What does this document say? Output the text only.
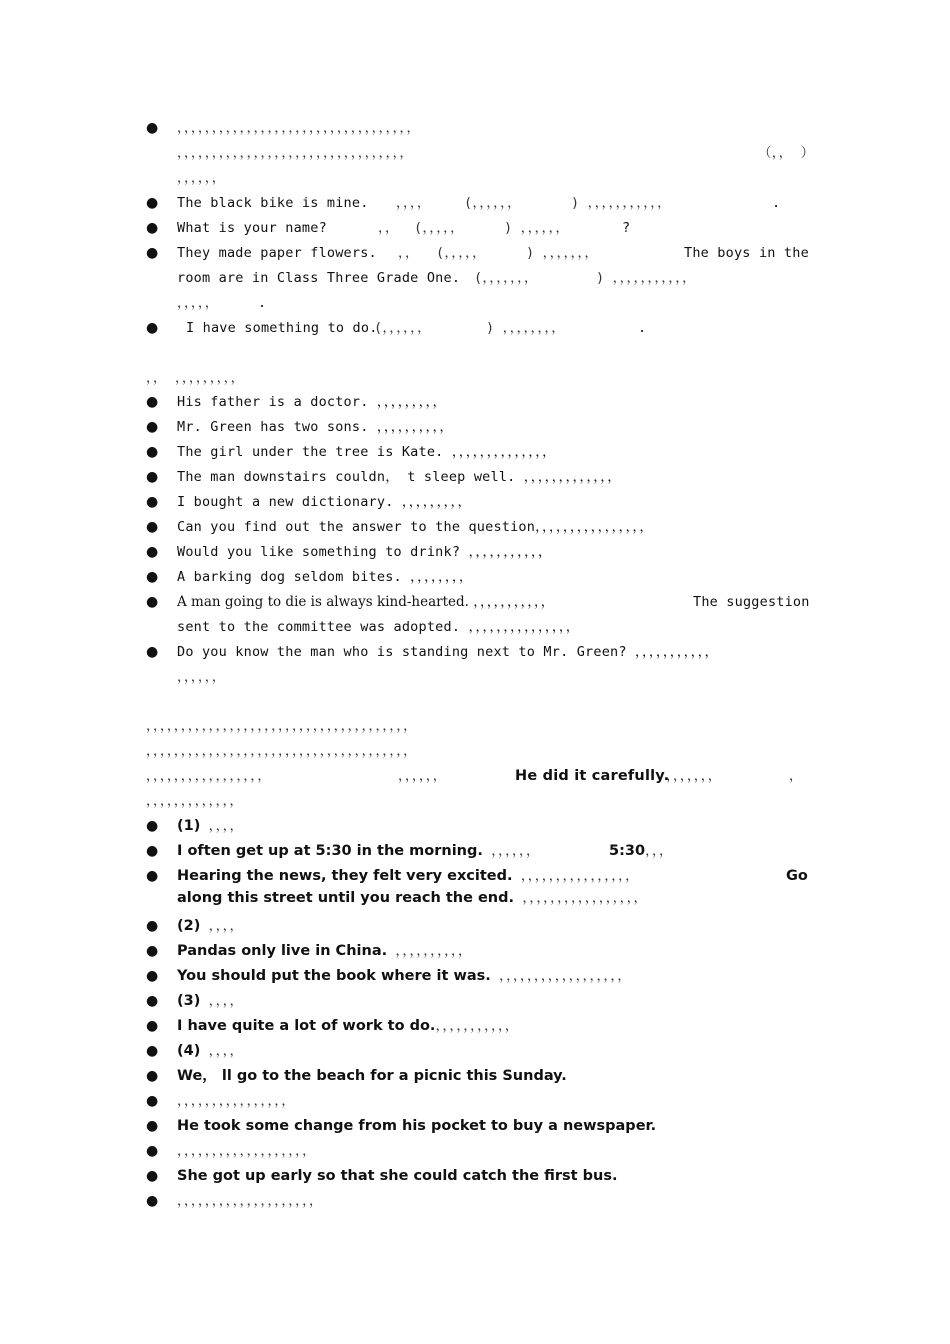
● ，，，，，，，，，，，，，，，，，，，，，，，，，，，，，，，，，，
，，，，，，，，，，，，，，，，，，，，，，，，，，，，，，，，，	（，， ）
，，，，，，
● The black bike is mine. ，，，， (，，，，，，	) ，，，，，，，，，，，	.
● What is your name?	，， (，，，，，	) ，，，，，，	?
● They made paper flowers. ，， (，，，，，	) ，，，，，，，	The boys in the
room are in Class Three Grade One. (，，，，，，，	) ，，，，，，，，，，，
，，，，，	.
● I have something to do.
(，，，，，，	) ，，，，，，，，	.
，， ，，，，，，，，，
● His father is a doctor. ，，，，，，，，，
● Mr. Green has two sons. ，，，，，，，，，，
● The girl under the tree is Kate. ，，，，，，，，，，，，，，
● The man downstairs couldn， t sleep well. ，，，，，，，，，，，，，
● I bought a new dictionary. ，，，，，，，，，
● Can you find out the answer to the question，，，，，，，，，，，，，，，，
● Would you like something to drink? ，，，，，，，，，，，
● A barking dog seldom bites. ，，，，，，，，
● A man going to die is always kind-hearted. ，，，，，，，，，，，	The suggestion
sent to the committee was adopted. ，，，，，，，，，，，，，，，
● Do you know the man who is standing next to Mr. Green? ，，，，，，，，，，，
，，，，，，
，，，，，，，，，，，，，，，，，，，，，，，，，，，，，，，，，，，，，，
，，，，，，，，，，，，，，，，，，，，，，，，，，，，，，，，，，，，，，
，，，，，，，，，，，，，，，，，	，，，，，，	He did it carefully.
，，，，，，，	，
，，，，，，，，，，，，，
● (1) ，，，，
● I often get up at 5:30 in the morning. ，，，，，，	5:30，，，
● Hearing the news, they felt very excited. ，，，，，，，，，，，，，，，，	Go
along this street until you reach the end. ，，，，，，，，，，，，，，，，，
● (2) ，，，，
● Pandas only live in China. ，，，，，，，，，，
● You should put the book where it was. ，，，，，，，，，，，，，，，，，，
● (3) ，，，，
● I have quite a lot of work to do.，，，，，，，，，，，
● (4) ，，，，
● We， ll go to the beach for a picnic this Sunday.
● ，，，，，，，，，，，，，，，，
● He took some change from his pocket to buy a newspaper.
● ，，，，，，，，，，，，，，，，，，，
● She got up early so that she could catch the first bus.
● ，，，，，，，，，，，，，，，，，，，，
